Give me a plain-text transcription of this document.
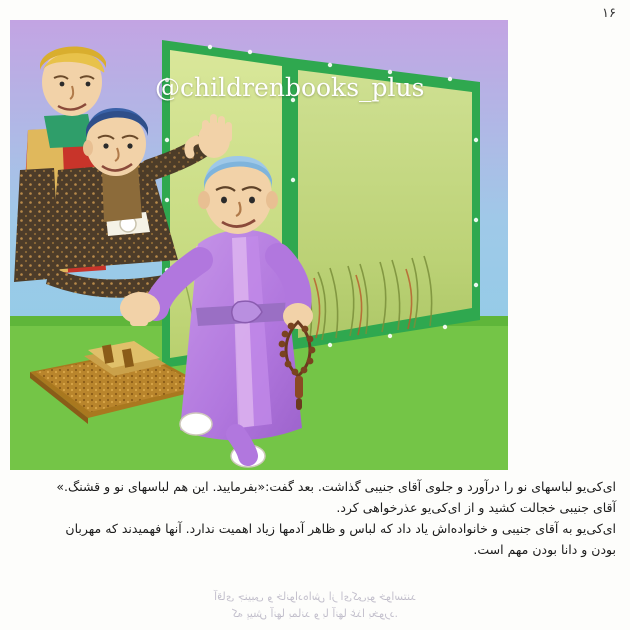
۱۶
@childrenbooks_plus

ای‌کی‌یو لباسهای نو را درآورد و جلوی آقای جنیبی گذاشت. بعد گفت:«بفرمایید. این هم لباسهای نو و قشنگ.»

آقای جنیبی خجالت کشید و از ای‌کی‌یو عذرخواهی کرد.

ای‌کی‌یو به آقای جنیبی و خانواده‌اش یاد داد که لباس و ظاهر آدمها زیاد اهمیت ندارد. آنها فهمیدند که مهربان

بودن و دانا بودن مهم است.

آقای جنیبی و خانواده‌اش از ای‌کی‌یو خواستند
که پیش آنها بماند و با آنها غذا بخورد.
